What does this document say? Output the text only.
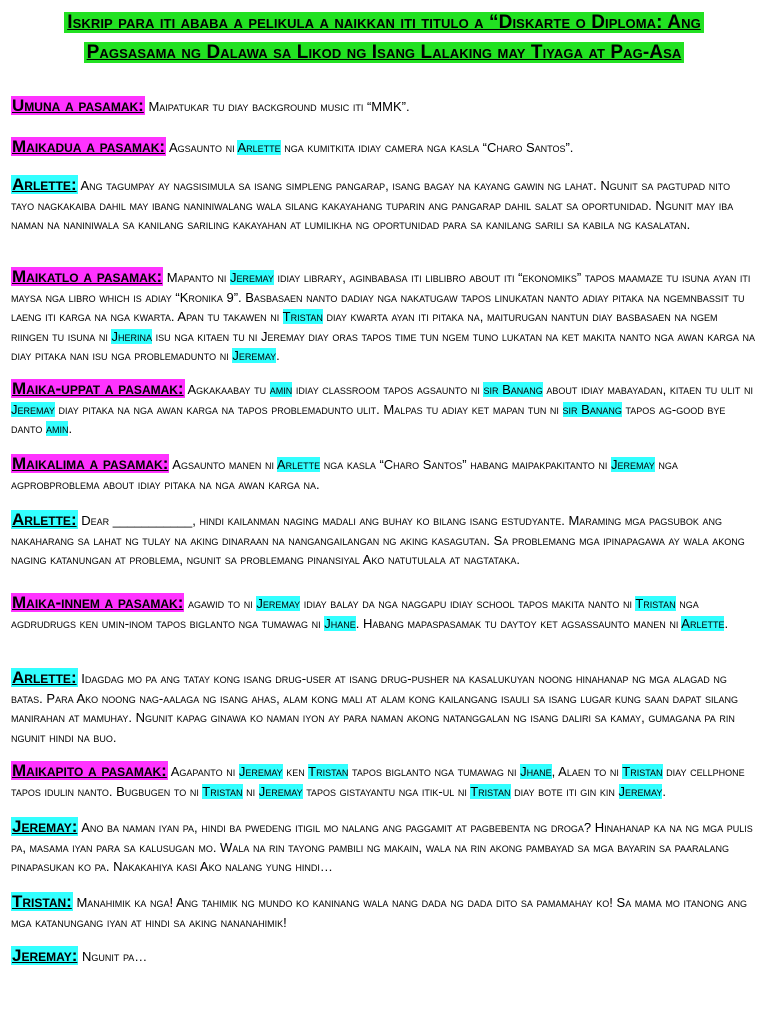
Iskrip para iti ababa a pelikula a naikkan iti titulo a “Diskarte o Diploma: Ang Pagsasama ng Dalawa sa Likod ng Isang Lalaking may Tiyaga at Pag-Asa
Umuna a pasamak: Maipatukar tu diay background music iti “MMK”.
Maikadua a pasamak: Agsaunto ni Arlette nga kumitkita idiay camera nga kasla “Charo Santos”.
Arlette: Ang tagumpay ay nagsisimula sa isang simpleng pangarap, isang bagay na kayang gawin ng lahat. Ngunit sa pagtupad nito tayo nagkakaiba dahil may ibang naniniwalang wala silang kakayahang tuparin ang pangarap dahil salat sa oportunidad. Ngunit may iba naman na naniniwala sa kanilang sariling kakayahan at lumilikha ng oportunidad para sa kanilang sarili sa kabila ng kasalatan.
Maikatlo a pasamak: Mapanto ni Jeremay idiay library, aginbabasa iti liblibro about iti “ekonomiks” tapos maamaze tu isuna ayan iti maysa nga libro which is adiay “Kronika 9”. Basbasaen nanto dadiay nga nakatugaw tapos linukatan nanto adiay pitaka na ngemnbassit tu laeng iti karga na nga kwarta. Apan tu takawen ni Tristan diay kwarta ayan iti pitaka na, maiturugan nantun diay basbasaen na ngem riingen tu isuna ni Jherina isu nga kitaen tu ni Jeremay diay oras tapos time tun ngem tuno lukatan na ket makita nanto nga awan karga na diay pitaka nan isu nga problemadunto ni Jeremay.
Maika-uppat a pasamak: Agkakaabay tu amin idiay classroom tapos agsaunto ni sir Banang about idiay mabayadan, kitaen tu ulit ni Jeremay diay pitaka na nga awan karga na tapos problemadunto ulit. Malpas tu adiay ket mapan tun ni sir Banang tapos ag-good bye danto amin.
Maikalima a pasamak: Agsaunto manen ni Arlette nga kasla “Charo Santos” habang maipakpakitanto ni Jeremay nga agprobproblema about idiay pitaka na nga awan karga na.
Arlette: Dear ___________, hindi kailanman naging madali ang buhay ko bilang isang estudyante. Maraming mga pagsubok ang nakaharang sa lahat ng tulay na aking dinaraan na nangangailangan ng aking kasagutan. Sa problemang mga ipinapagawa ay wala akong naging katanungan at problema, ngunit sa problemang pinansiyal Ako natutulala at nagtataka.
Maika-innem a pasamak: agawid to ni Jeremay idiay balay da nga naggapu idiay school tapos makita nanto ni Tristan nga agdrudrugs ken umin-inom tapos biglanto nga tumawag ni Jhane. Habang mapaspasamak tu daytoy ket agsassaunto manen ni Arlette.
Arlette: Idagdag mo pa ang tatay kong isang drug-user at isang drug-pusher na kasalukuyan noong hinahanap ng mga alagad ng batas. Para Ako noong nag-aalaga ng isang ahas, alam kong mali at alam kong kailangang isauli sa isang lugar kung saan dapat silang manirahan at mamuhay. Ngunit kapag ginawa ko naman iyon ay para naman akong natanggalan ng isang daliri sa kamay, gumagana pa rin ngunit hindi na buo.
Maikapito a pasamak: Agapanto ni Jeremay ken Tristan tapos biglanto nga tumawag ni Jhane, Alaen to ni Tristan diay cellphone tapos idulin nanto. Bugbugen to ni Tristan ni Jeremay tapos gistayantu nga itik-ul ni Tristan diay bote iti gin kin Jeremay.
Jeremay: Ano ba naman iyan pa, hindi ba pwedeng itigil mo nalang ang paggamit at pagbebenta ng droga? Hinahanap ka na ng mga pulis pa, masama iyan para sa kalusugan mo. Wala na rin tayong pambili ng makain, wala na rin akong pambayad sa mga bayarin sa paaralang pinapasukan ko pa. Nakakahiya kasi Ako nalang yung hindi…
Tristan: Manahimik ka nga! Ang tahimik ng mundo ko kaninang wala nang dada ng dada dito sa pamamahay ko! Sa mama mo itanong ang mga katanungang iyan at hindi sa aking nananahimik!
Jeremay: Ngunit pa…
